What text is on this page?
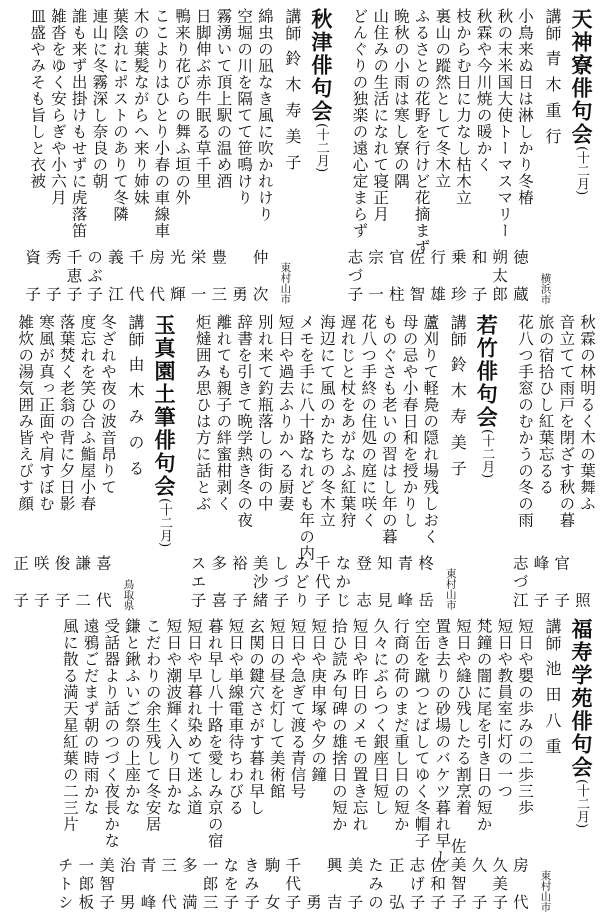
天神寮俳句会(十二月)
講師青木重行
横浜市
小鳥来ぬ日は淋しかり冬椿
徳　蔵
秋の末米国大使トーマスマリー
朔太郎
秋霖や今川焼の暖かく
和　子
枝からむ日に力なし枯木立
乗　珍
裏山の蹤然として冬木立
行　雄
ふるさとの花野を行けど花摘まず
佐　智
晩秋の小雨は寒し寮の隅
官　柱
山住みの生活になれて寝正月
宗　一
どんぐりの独楽の遠心定まらず
志づ子
秋津俳句会(十二月)
講師鈴木寿美子
東村山市
綿虫の凪なき風に吹かれけり
仲　次
空堀の川を隔てて笹鳴けり
勇
霧湧いて頂上駅の温め酒
豊　三
日脚伸ぶ赤牛眠る草千里
栄　一
鴨来り花びらの舞ふ垣の外
光　輝
ここよりはひとり小春の車線車
房　代
木の葉髪ながらへ来り姉妹
千　代
葉陰れにポストのありて冬隣
義　江
連山に冬霧深し奈良の朝
のぶ子
誰も来ず出掛けもせずに虎落笛
千恵子
雑沓をゆく安らぎや小六月
秀　子
皿盛やみそも旨しと衣被
資　子
秋霖の林明るく木の葉舞ふ
照
音立てて雨戸を閉ざす秋の暮
官　子
旅の宿拾ひし紅葉忘るる
峰　子
花八つ手窓のむかうの冬の雨
志づ江
若竹俳句会(十二月)
講師鈴木寿美子
東村山市
蘆刈りて軽鳧の隠れ場残しおく
柊　岳
母の忌や小春日和を授かりし
青　峰
ものぐさも老いの習はし年の暮
知　見
花八つ手終の住処の庭に咲く
登　志
遅れじと杖をあがなふ紅葉狩
なかじ
海辺にて風のかたちの冬木立
千代子
メモを手に八十路なれども年の内
みどり
短日や過去ふりかへる厨妻
しづ子
別れ来て釣瓶落しの街の中
美沙緒
辞書を引きて晩学熱き冬の夜
裕　子
離れても親子の絆蜜柑剥く
多　喜
炬燵囲み思ひは方に話とぶ
スエ子
玉真園土筆俳句会(十二月)
講師由木みのる
鳥取県
冬ざれや夜の波音昂りて
喜　代
度忘れを笑ひ合ふ鮨屋小春
謙　二
落葉焚く老翁の背に夕日影
俊　子
寒風が真っ正面や肩すぼむ
咲　子
雑炊の湯気囲み皆えびす顔
正　子
福寿学苑俳句会(十二月)
講師池田八重
東村山市
短日や嬰の歩みの二歩三歩
房　代
短日や教員室に灯の一つ
久美子
梵鐘の闇に尾を引き日の短か
久　子
短日や縫ひ残したる割烹着
佐美智子
置き去りの砂場のバケツ暮れ早し
佐和子
空缶を蹴つとばしてゆく冬帽子
志げ子
行商の荷のまだ重し日の短か
正　弘
久々にぶらつく銀座日短し
たみの
短日や昨日のメモの置き忘れ
美　子
拾ひ読み句碑の雄捨日の短か
興　吉
短日や庚申塚や夕の鐘
勇
短日や急ぎて渡る青信号
千代子
短日の昼を灯して美術館
駒　女
玄関の鍵穴さがす暮れ早し
きみ子
短日や単線電車待ちわびる
なを子
暮れ早し八十路を愛しみ京の宿
一郎三
短日や早暮れ染めて迷ふ道
多　満
短日や潮波輝く入り日かな
三　代
こだわりの余生残して冬安居
青　峰
鎌と鍬ふいご祭の上座かな
治　男
受話器より話のつづく夜長かな
美智子
遠鴉ごだまず朝の時雨かな
一郎板
風に散る満天星紅葉の二三片
チトシ
